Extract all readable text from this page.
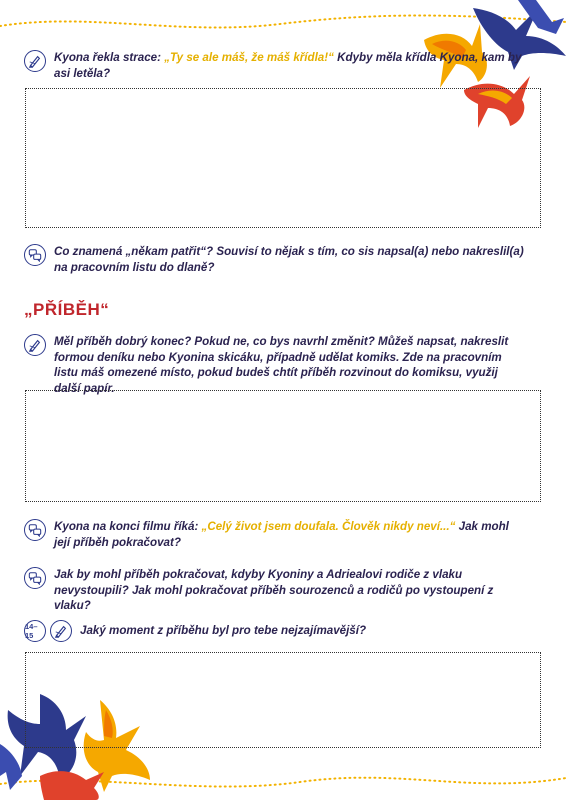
Kyona řekla strace: „Ty se ale máš, že máš křídla!“ Kdyby měla křídla Kyona, kam by asi letěla?

Co znamená „někam patřit“? Souvisí to nějak s tím, co sis napsal(a) nebo nakreslil(a) na pracovním listu do dlaně?

„PŘÍBĚH“

Měl příběh dobrý konec? Pokud ne, co bys navrhl změnit? Můžeš napsat, nakreslit formou deníku nebo Kyonina skicáku, případně udělat komiks. Zde na pracovním listu máš omezené místo, pokud budeš chtít příběh rozvinout do komiksu, využij další papír.

Kyona na konci filmu říká: „Celý život jsem doufala. Člověk nikdy neví...“ Jak mohl její příběh pokračovat?

Jak by mohl příběh pokračovat, kdyby Kyoniny a Adriealovi rodiče z vlaku nevystoupili? Jak mohl pokračovat příběh sourozenců a rodičů po vystoupení z vlaku?

14–15	Jaký moment z příběhu byl pro tebe nejzajímavější?
